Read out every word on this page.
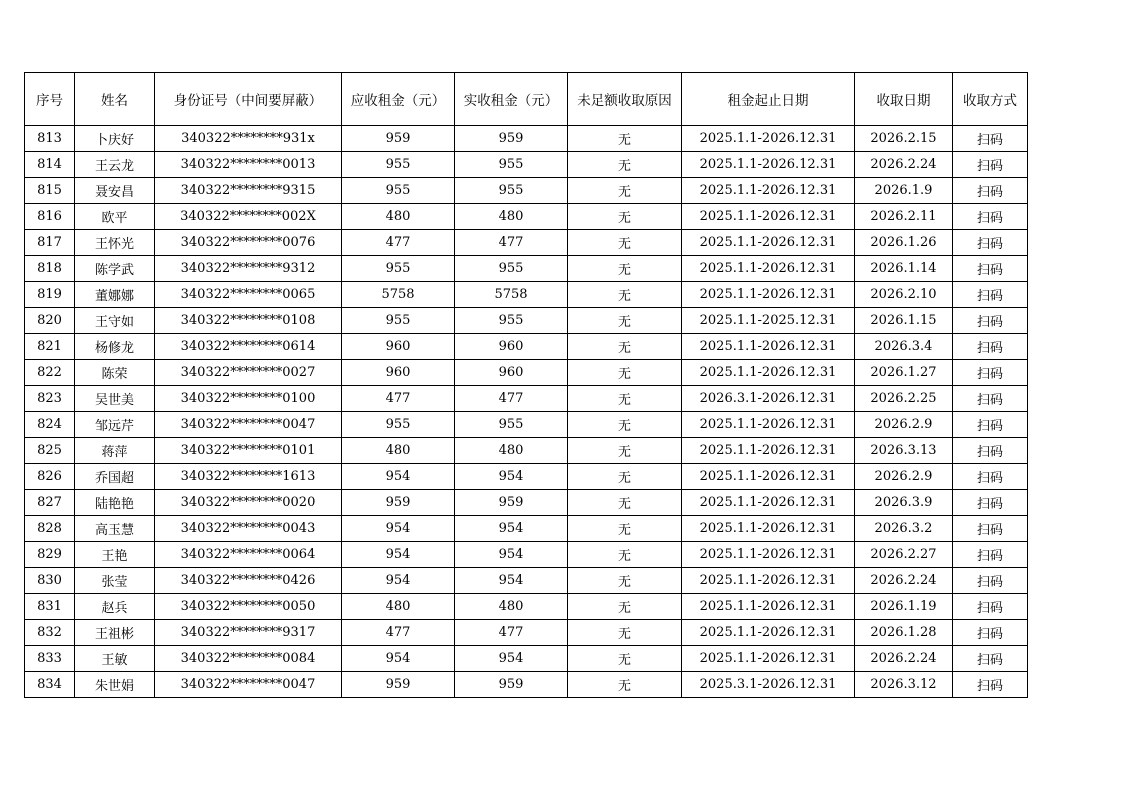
序号	姓名	身份证号（中间要屏蔽）	应收租金（元）	实收租金（元）	未足额收取原因	租金起止日期	收取日期	收取方式
813	卜庆好	340322********931x	959	959	无	2025.1.1-2026.12.31	2026.2.15	扫码
814	王云龙	340322********0013	955	955	无	2025.1.1-2026.12.31	2026.2.24	扫码
815	聂安昌	340322********9315	955	955	无	2025.1.1-2026.12.31	2026.1.9	扫码
816	欧平	340322********002X	480	480	无	2025.1.1-2026.12.31	2026.2.11	扫码
817	王怀光	340322********0076	477	477	无	2025.1.1-2026.12.31	2026.1.26	扫码
818	陈学武	340322********9312	955	955	无	2025.1.1-2026.12.31	2026.1.14	扫码
819	董娜娜	340322********0065	5758	5758	无	2025.1.1-2026.12.31	2026.2.10	扫码
820	王守如	340322********0108	955	955	无	2025.1.1-2025.12.31	2026.1.15	扫码
821	杨修龙	340322********0614	960	960	无	2025.1.1-2026.12.31	2026.3.4	扫码
822	陈荣	340322********0027	960	960	无	2025.1.1-2026.12.31	2026.1.27	扫码
823	吴世美	340322********0100	477	477	无	2026.3.1-2026.12.31	2026.2.25	扫码
824	邹远芹	340322********0047	955	955	无	2025.1.1-2026.12.31	2026.2.9	扫码
825	蒋萍	340322********0101	480	480	无	2025.1.1-2026.12.31	2026.3.13	扫码
826	乔国超	340322********1613	954	954	无	2025.1.1-2026.12.31	2026.2.9	扫码
827	陆艳艳	340322********0020	959	959	无	2025.1.1-2026.12.31	2026.3.9	扫码
828	高玉慧	340322********0043	954	954	无	2025.1.1-2026.12.31	2026.3.2	扫码
829	王艳	340322********0064	954	954	无	2025.1.1-2026.12.31	2026.2.27	扫码
830	张莹	340322********0426	954	954	无	2025.1.1-2026.12.31	2026.2.24	扫码
831	赵兵	340322********0050	480	480	无	2025.1.1-2026.12.31	2026.1.19	扫码
832	王祖彬	340322********9317	477	477	无	2025.1.1-2026.12.31	2026.1.28	扫码
833	王敏	340322********0084	954	954	无	2025.1.1-2026.12.31	2026.2.24	扫码
834	朱世娟	340322********0047	959	959	无	2025.3.1-2026.12.31	2026.3.12	扫码
